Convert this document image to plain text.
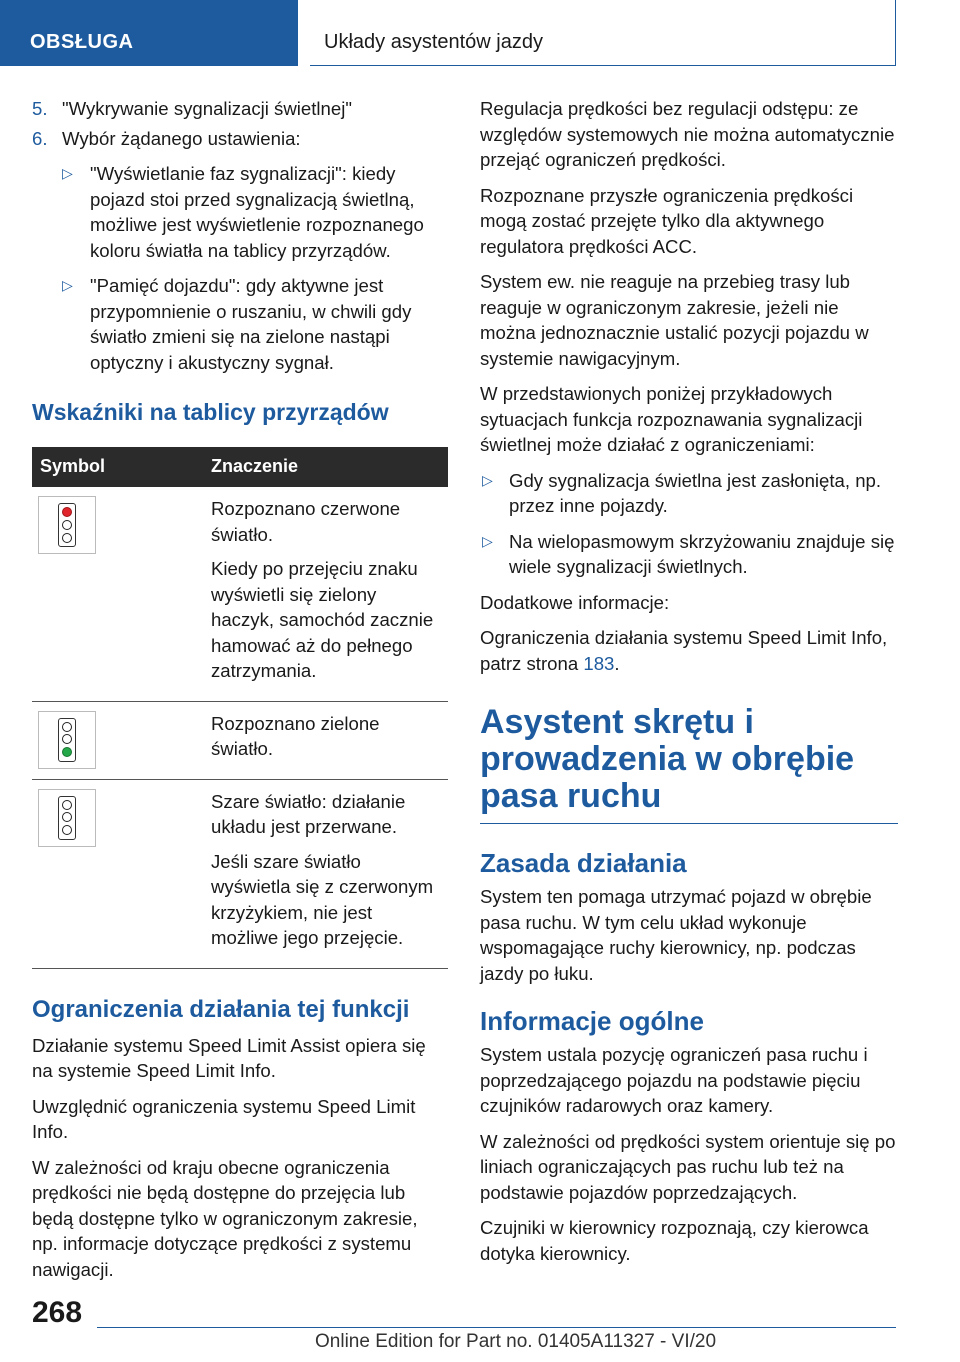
OBSŁUGA	Układy asystentów jazdy
5. "Wykrywanie sygnalizacji świetlnej"
6. Wybór żądanego ustawienia:
▷ "Wyświetlanie faz sygnalizacji": kiedy pojazd stoi przed sygnalizacją świetlną, możliwe jest wyświetlenie rozpoznanego koloru światła na tablicy przyrządów.
▷ "Pamięć dojazdu": gdy aktywne jest przypomnienie o ruszaniu, w chwili gdy światło zmieni się na zielone nastąpi optyczny i akustyczny sygnał.
Wskaźniki na tablicy przyrządów
Symbol	Znaczenie

	Rozpoznano czerwone światło.

Kiedy po przejęciu znaku wyświetli się zielony haczyk, samochód zacznie hamować aż do pełnego zatrzymania.

	Rozpoznano zielone światło.

	Szare światło: działanie układu jest przerwane.

Jeśli szare światło wyświetla się z czerwonym krzyżykiem, nie jest możliwe jego przejęcie.

Ograniczenia działania tej funkcji

Działanie systemu Speed Limit Assist opiera się na systemie Speed Limit Info.

Uwzględnić ograniczenia systemu Speed Limit Info.

W zależności od kraju obecne ograniczenia prędkości nie będą dostępne do przejęcia lub będą dostępne tylko w ograniczonym zakresie, np. informacje dotyczące prędkości z systemu nawigacji.

Regulacja prędkości bez regulacji odstępu: ze względów systemowych nie można automatycznie przejąć ograniczeń prędkości.

Rozpoznane przyszłe ograniczenia prędkości mogą zostać przejęte tylko dla aktywnego regulatora prędkości ACC.

System ew. nie reaguje na przebieg trasy lub reaguje w ograniczonym zakresie, jeżeli nie można jednoznacznie ustalić pozycji pojazdu w systemie nawigacyjnym.

W przedstawionych poniżej przykładowych sytuacjach funkcja rozpoznawania sygnalizacji świetlnej może działać z ograniczeniami:

▷ Gdy sygnalizacja świetlna jest zasłonięta, np. przez inne pojazdy.
▷ Na wielopasmowym skrzyżowaniu znajduje się wiele sygnalizacji świetlnych.

Dodatkowe informacje:

Ograniczenia działania systemu Speed Limit Info, patrz strona 183.

Asystent skrętu i prowadzenia w obrębie pasa ruchu
Zasada działania

System ten pomaga utrzymać pojazd w obrębie pasa ruchu. W tym celu układ wykonuje wspomagające ruchy kierownicy, np. podczas jazdy po łuku.

Informacje ogólne

System ustala pozycję ograniczeń pasa ruchu i poprzedzającego pojazdu na podstawie pięciu czujników radarowych oraz kamery.

W zależności od prędkości system orientuje się po liniach ograniczających pas ruchu lub też na podstawie pojazdów poprzedzających.

Czujniki w kierownicy rozpoznają, czy kierowca dotyka kierownicy.

268
Online Edition for Part no. 01405A11327 - VI/20
